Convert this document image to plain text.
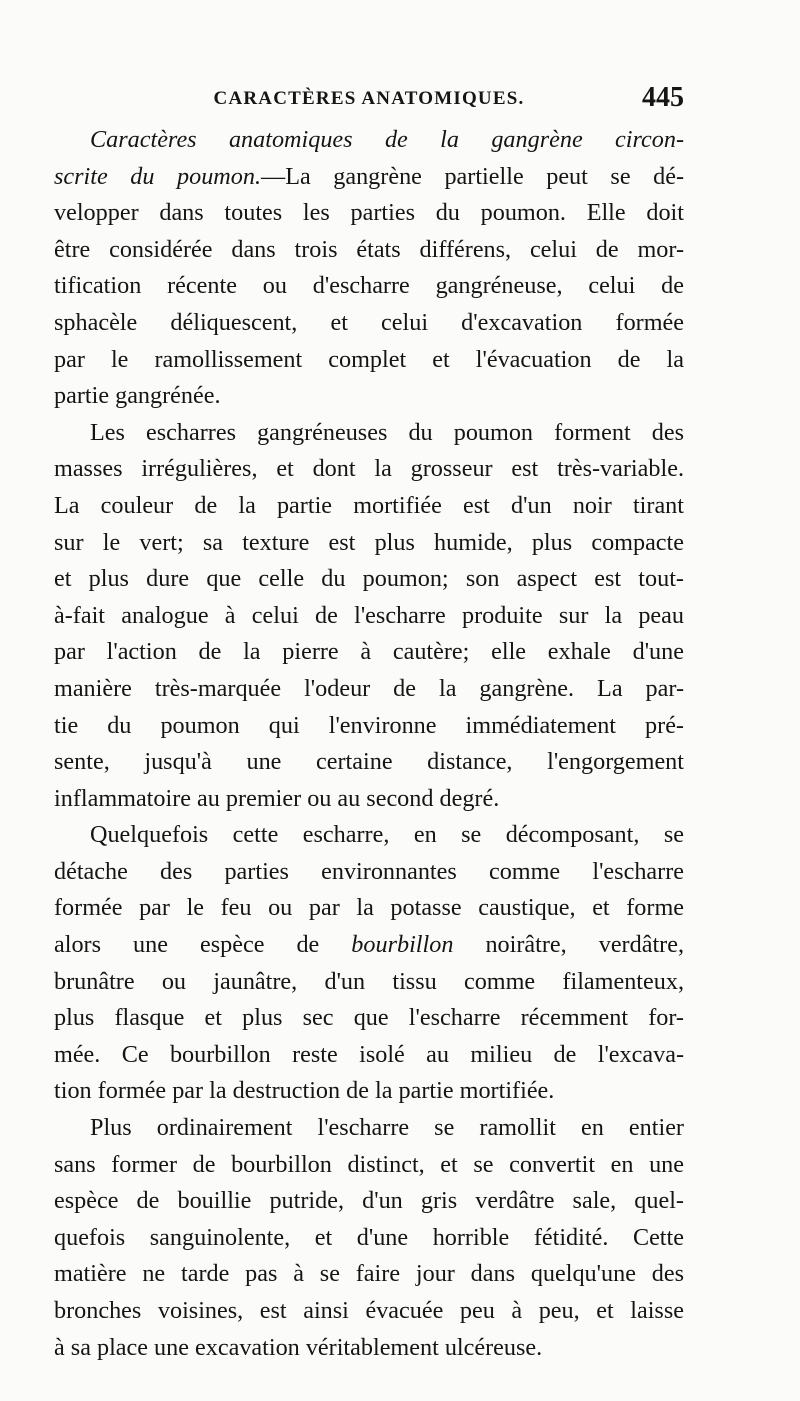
CARACTÈRES ANATOMIQUES.	445
Caractères anatomiques de la gangrène circon-
scrite du poumon.—La gangrène partielle peut se dé-
velopper dans toutes les parties du poumon. Elle doit
être considérée dans trois états différens, celui de mor-
tification récente ou d'escharre gangréneuse, celui de
sphacèle déliquescent, et celui d'excavation formée
par le ramollissement complet et l'évacuation de la
partie gangrénée.
Les escharres gangréneuses du poumon forment des
masses irrégulières, et dont la grosseur est très-variable.
La couleur de la partie mortifiée est d'un noir tirant
sur le vert; sa texture est plus humide, plus compacte
et plus dure que celle du poumon; son aspect est tout-
à-fait analogue à celui de l'escharre produite sur la peau
par l'action de la pierre à cautère; elle exhale d'une
manière très-marquée l'odeur de la gangrène. La par-
tie du poumon qui l'environne immédiatement pré-
sente, jusqu'à une certaine distance, l'engorgement
inflammatoire au premier ou au second degré.
Quelquefois cette escharre, en se décomposant, se
détache des parties environnantes comme l'escharre
formée par le feu ou par la potasse caustique, et forme
alors une espèce de bourbillon noirâtre, verdâtre,
brunâtre ou jaunâtre, d'un tissu comme filamenteux,
plus flasque et plus sec que l'escharre récemment for-
mée. Ce bourbillon reste isolé au milieu de l'excava-
tion formée par la destruction de la partie mortifiée.
Plus ordinairement l'escharre se ramollit en entier
sans former de bourbillon distinct, et se convertit en une
espèce de bouillie putride, d'un gris verdâtre sale, quel-
quefois sanguinolente, et d'une horrible fétidité. Cette
matière ne tarde pas à se faire jour dans quelqu'une des
bronches voisines, est ainsi évacuée peu à peu, et laisse
à sa place une excavation véritablement ulcéreuse.
